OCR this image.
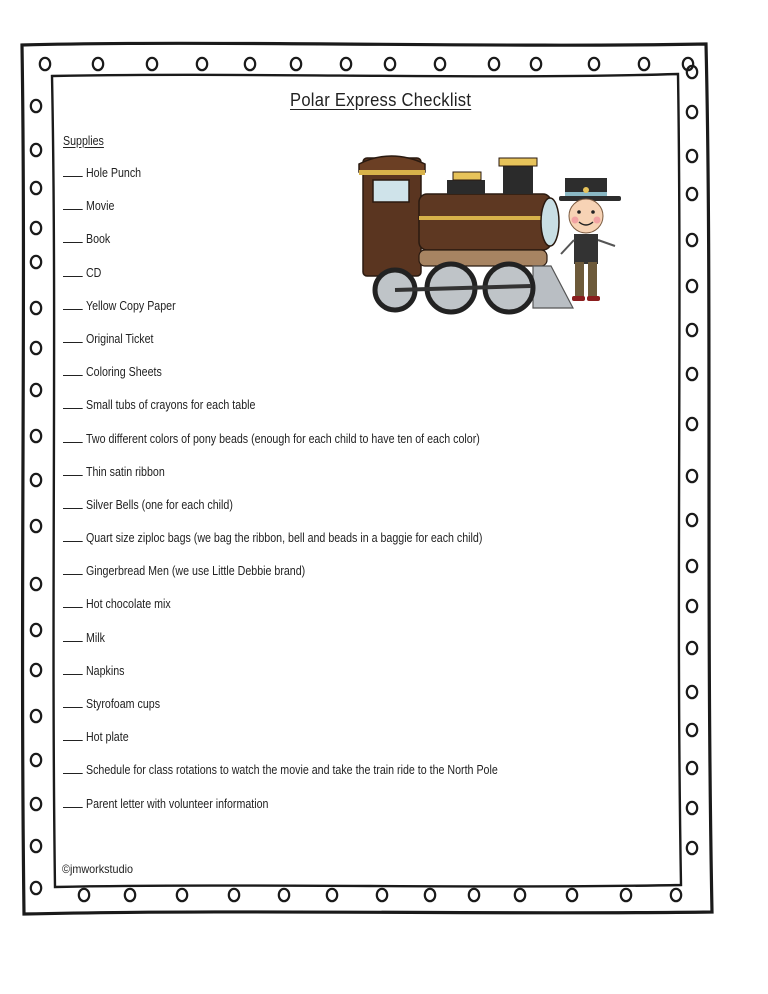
Polar Express Checklist
Supplies
Hole Punch
Movie
Book
CD
Yellow Copy Paper
Original Ticket
Coloring Sheets
Small tubs of crayons for each table
Two different colors of pony beads (enough for each child to have ten of each color)
Thin satin ribbon
Silver Bells (one for each child)
Quart size ziploc bags (we bag the ribbon, bell and beads in a baggie for each child)
Gingerbread Men (we use Little Debbie brand)
Hot chocolate mix
Milk
Napkins
Styrofoam cups
Hot plate
Schedule for class rotations to watch the movie and take the train ride to the North Pole
Parent letter with volunteer information
©jmworkstudio
